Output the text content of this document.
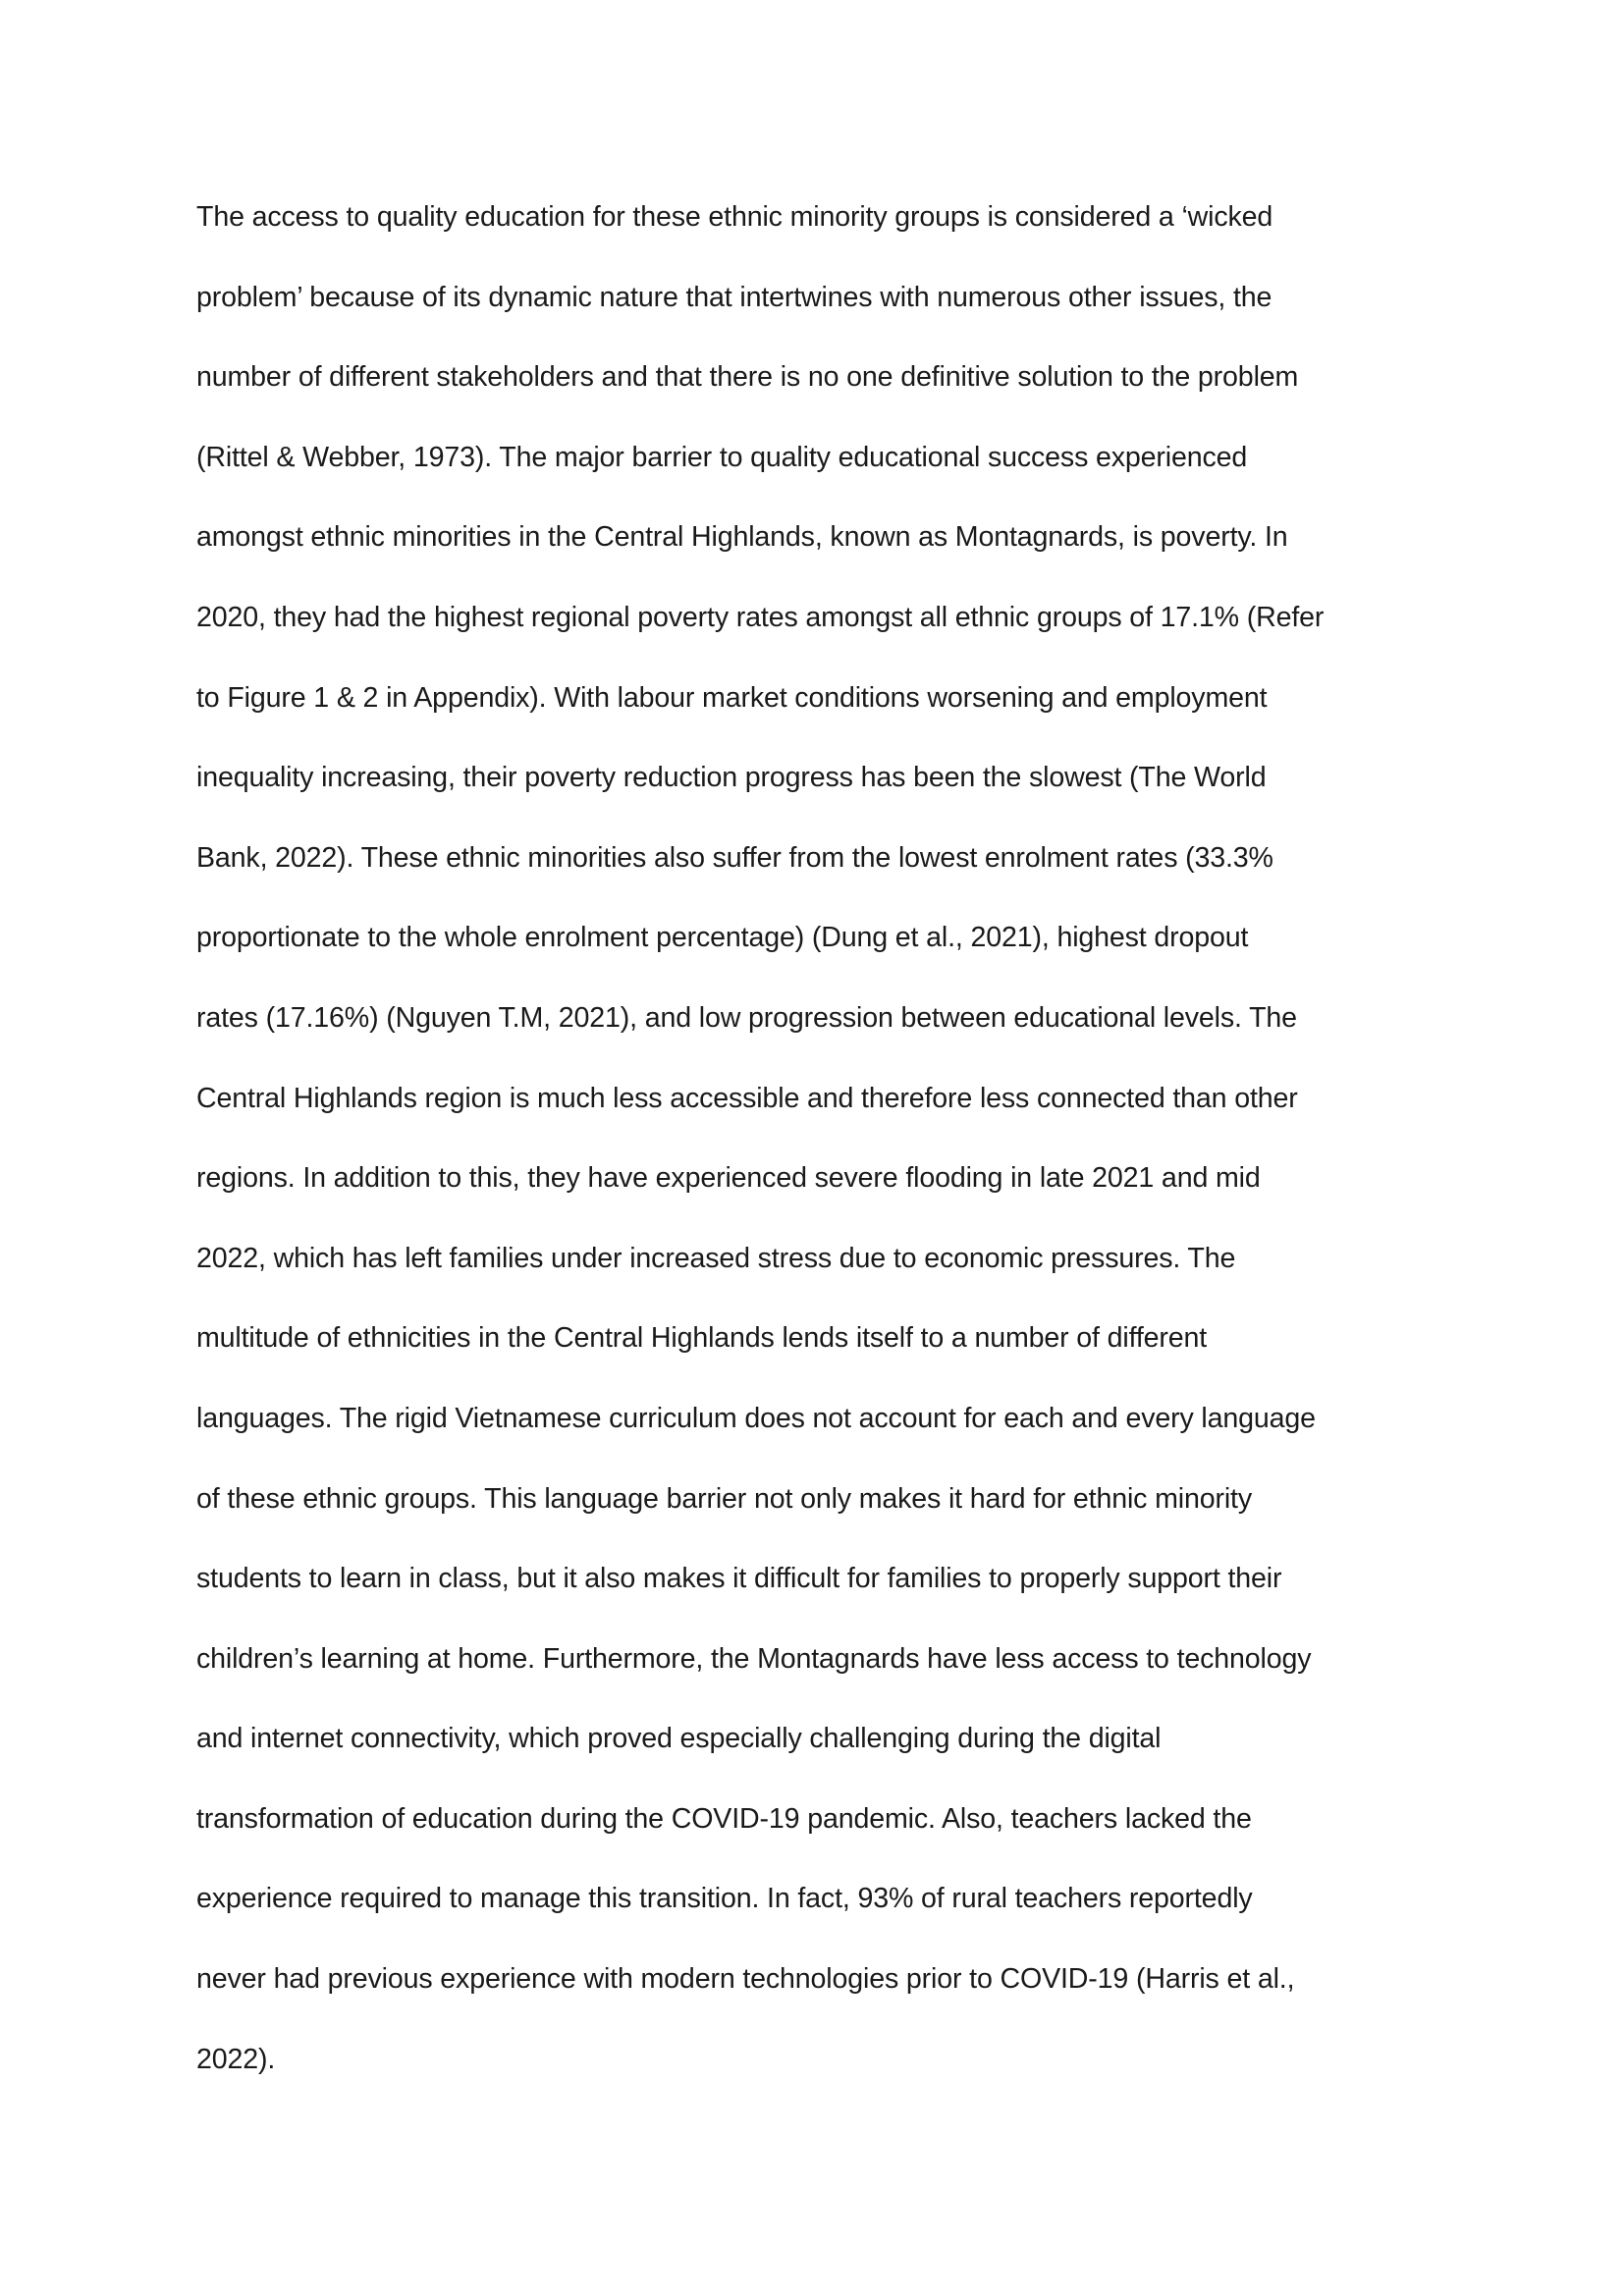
The access to quality education for these ethnic minority groups is considered a ‘wicked
problem’ because of its dynamic nature that intertwines with numerous other issues, the
number of different stakeholders and that there is no one definitive solution to the problem
(Rittel & Webber, 1973). The major barrier to quality educational success experienced
amongst ethnic minorities in the Central Highlands, known as Montagnards, is poverty. In
2020, they had the highest regional poverty rates amongst all ethnic groups of 17.1% (Refer
to Figure 1 & 2 in Appendix). With labour market conditions worsening and employment
inequality increasing, their poverty reduction progress has been the slowest (The World
Bank, 2022). These ethnic minorities also suffer from the lowest enrolment rates (33.3%
proportionate to the whole enrolment percentage) (Dung et al., 2021), highest dropout
rates (17.16%) (Nguyen T.M, 2021), and low progression between educational levels. The
Central Highlands region is much less accessible and therefore less connected than other
regions. In addition to this, they have experienced severe flooding in late 2021 and mid
2022, which has left families under increased stress due to economic pressures. The
multitude of ethnicities in the Central Highlands lends itself to a number of different
languages. The rigid Vietnamese curriculum does not account for each and every language
of these ethnic groups. This language barrier not only makes it hard for ethnic minority
students to learn in class, but it also makes it difficult for families to properly support their
children’s learning at home. Furthermore, the Montagnards have less access to technology
and internet connectivity, which proved especially challenging during the digital
transformation of education during the COVID-19 pandemic. Also, teachers lacked the
experience required to manage this transition. In fact, 93% of rural teachers reportedly
never had previous experience with modern technologies prior to COVID-19 (Harris et al.,
2022).
